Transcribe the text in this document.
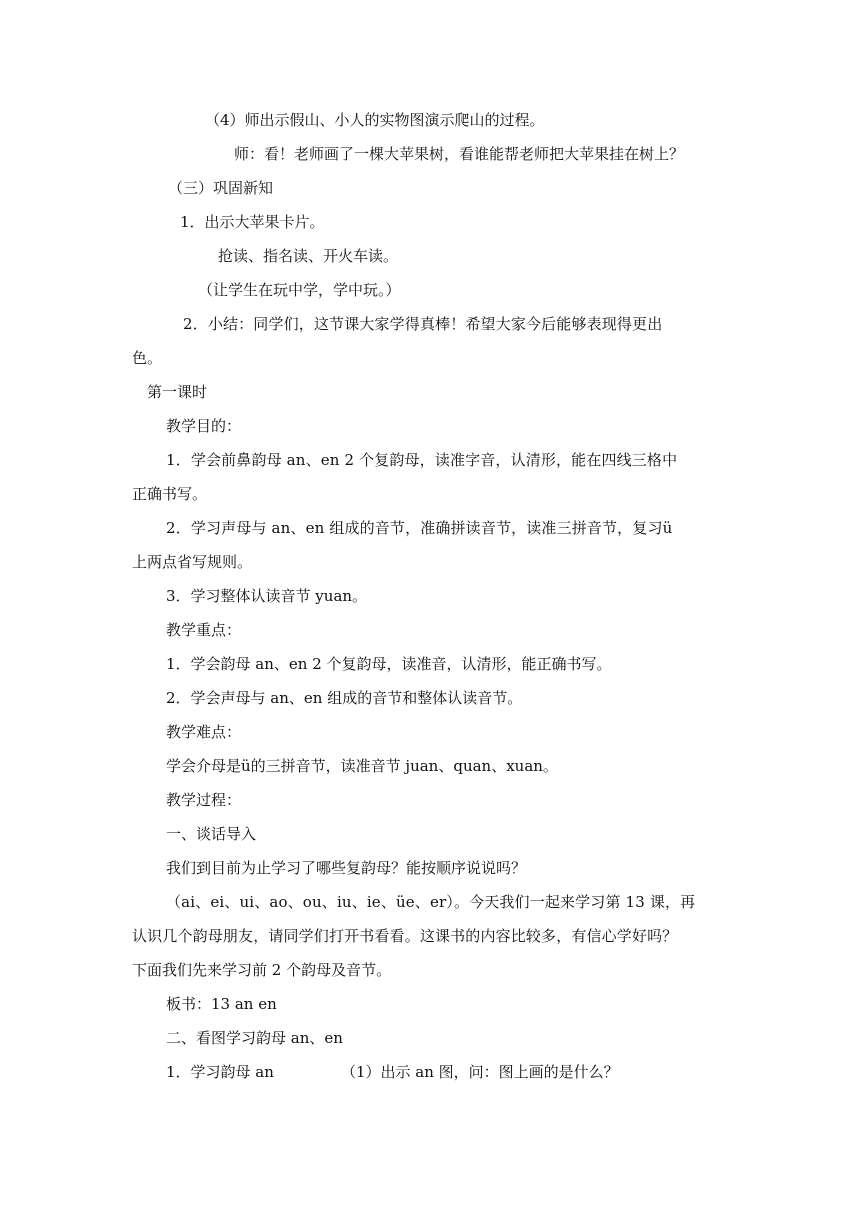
（4）师出示假山、小人的实物图演示爬山的过程。
师：看！老师画了一棵大苹果树，看谁能帮老师把大苹果挂在树上？
（三）巩固新知
1．出示大苹果卡片。
抢读、指名读、开火车读。
（让学生在玩中学，学中玩。）
2．小结：同学们，这节课大家学得真棒！希望大家今后能够表现得更出
色。
第一课时
教学目的：
1．学会前鼻韵母 an、en 2 个复韵母，读准字音，认清形，能在四线三格中
正确书写。
2．学习声母与 an、en 组成的音节，准确拼读音节，读准三拼音节，复习ü
上两点省写规则。
3．学习整体认读音节 yuan。
教学重点：
1．学会韵母 an、en 2 个复韵母，读准音，认清形，能正确书写。
2．学会声母与 an、en 组成的音节和整体认读音节。
教学难点：
学会介母是ü的三拼音节，读准音节 juan、quan、xuan。
教学过程：
一、谈话导入
我们到目前为止学习了哪些复韵母？能按顺序说说吗？
（ai、ei、ui、ao、ou、iu、ie、üe、er）。今天我们一起来学习第 13 课，再
认识几个韵母朋友，请同学们打开书看看。这课书的内容比较多，有信心学好吗？
下面我们先来学习前 2 个韵母及音节。
板书：13 an en
二、看图学习韵母 an、en
1．学习韵母 an	（1）出示 an 图，问：图上画的是什么？
